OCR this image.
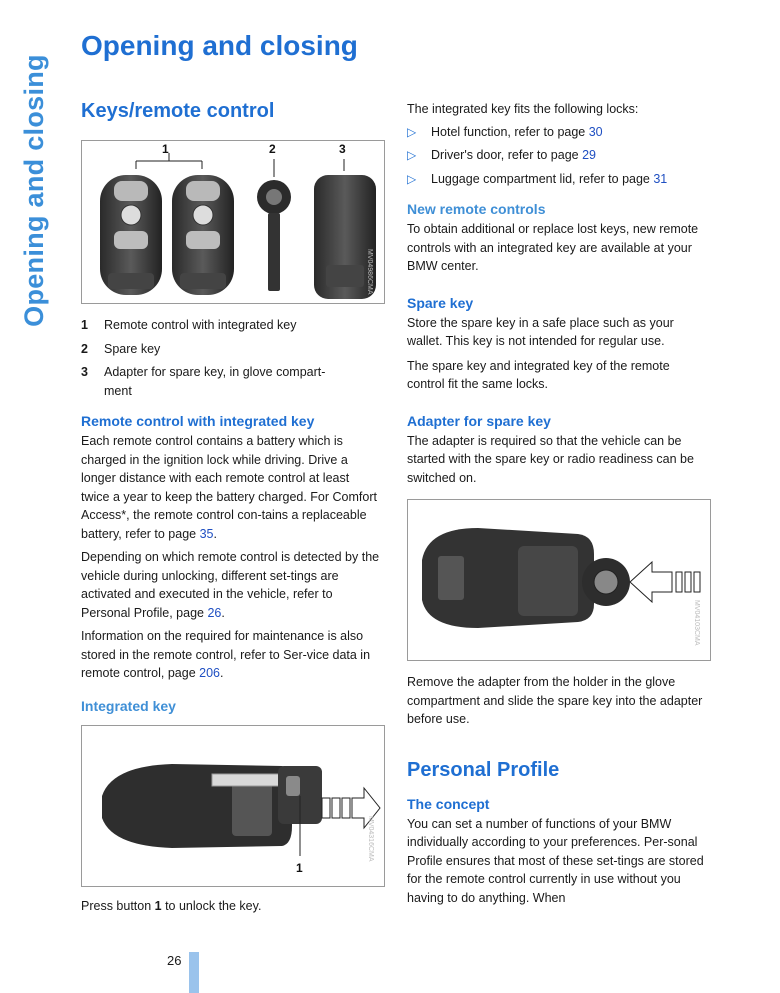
Opening and closing
Opening and closing
Keys/remote control
1	2	3
MV04986CMA
1	Remote control with integrated key
2	Spare key
3	Adapter for spare key, in glove compart-
ment
Remote control with integrated key

Each remote control contains a battery which is charged in the ignition lock while driving. Drive a longer distance with each remote control at least twice a year to keep the battery charged. For Comfort Access*, the remote control con-tains a replaceable battery, refer to page 35.

Depending on which remote control is detected by the vehicle during unlocking, different set-tings are activated and executed in the vehicle, refer to Personal Profile, page 26.

Information on the required for maintenance is also stored in the remote control, refer to Ser-vice data in remote control, page 206.

Integrated key
1
MV04316CMA

Press button 1 to unlock the key.

The integrated key fits the following locks:

▷	Hotel function, refer to page 30
▷	Driver's door, refer to page 29
▷	Luggage compartment lid, refer to page 31
New remote controls

To obtain additional or replace lost keys, new remote controls with an integrated key are available at your BMW center.

Spare key

Store the spare key in a safe place such as your wallet. This key is not intended for regular use.

The spare key and integrated key of the remote control fit the same locks.

Adapter for spare key

The adapter is required so that the vehicle can be started with the spare key or radio readiness can be switched on.

MV04103CMA

Remove the adapter from the holder in the glove compartment and slide the spare key into the adapter before use.

Personal Profile
The concept

You can set a number of functions of your BMW individually according to your preferences. Per-sonal Profile ensures that most of these set-tings are stored for the remote control currently in use without you having to do anything. When

26
